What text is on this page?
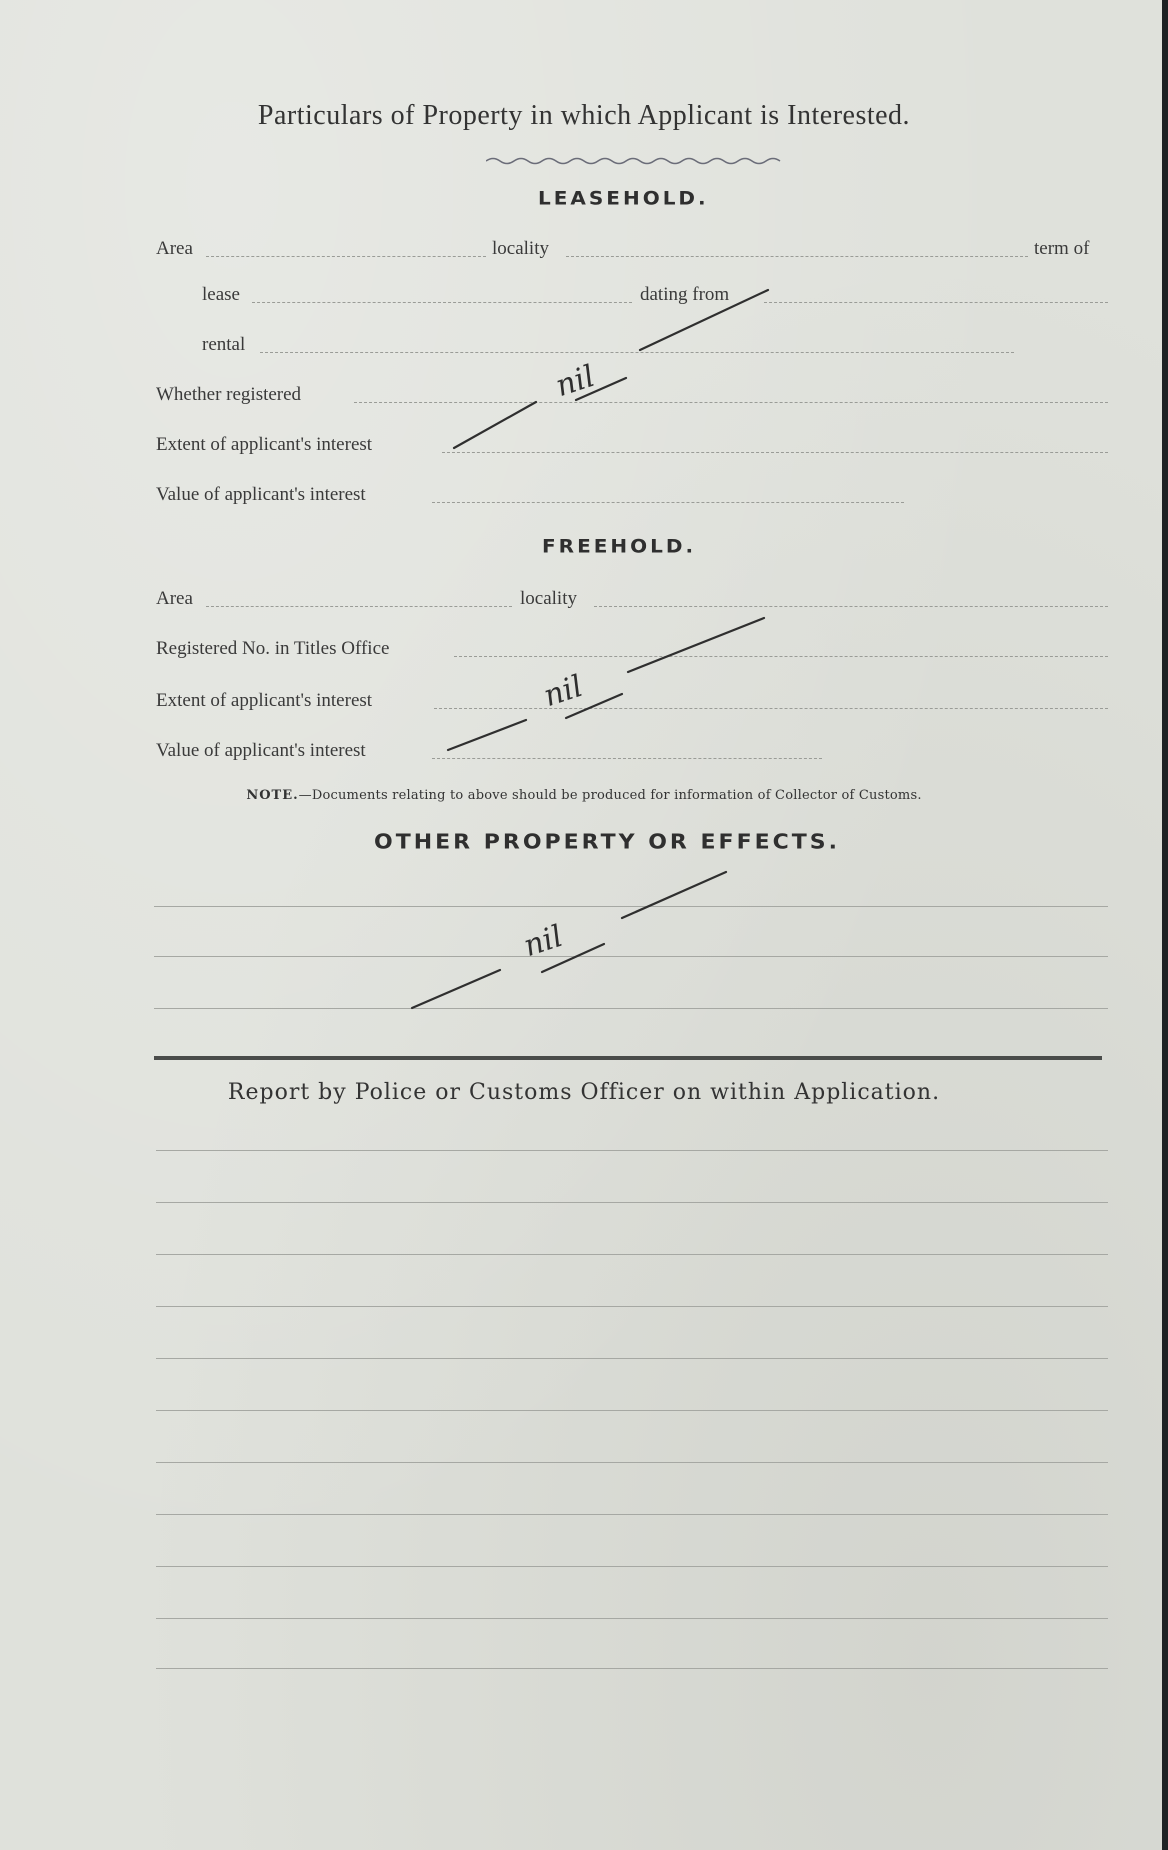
Particulars of Property in which Applicant is Interested.
LEASEHOLD.
Area	locality	term of
lease	dating from
rental
Whether registered
Extent of applicant's interest
Value of applicant's interest
nil
FREEHOLD.
Area	locality
Registered No. in Titles Office
Extent of applicant's interest
Value of applicant's interest
nil
NOTE.—Documents relating to above should be produced for information of Collector of Customs.
OTHER PROPERTY OR EFFECTS.
nil
Report by Police or Customs Officer on within Application.
